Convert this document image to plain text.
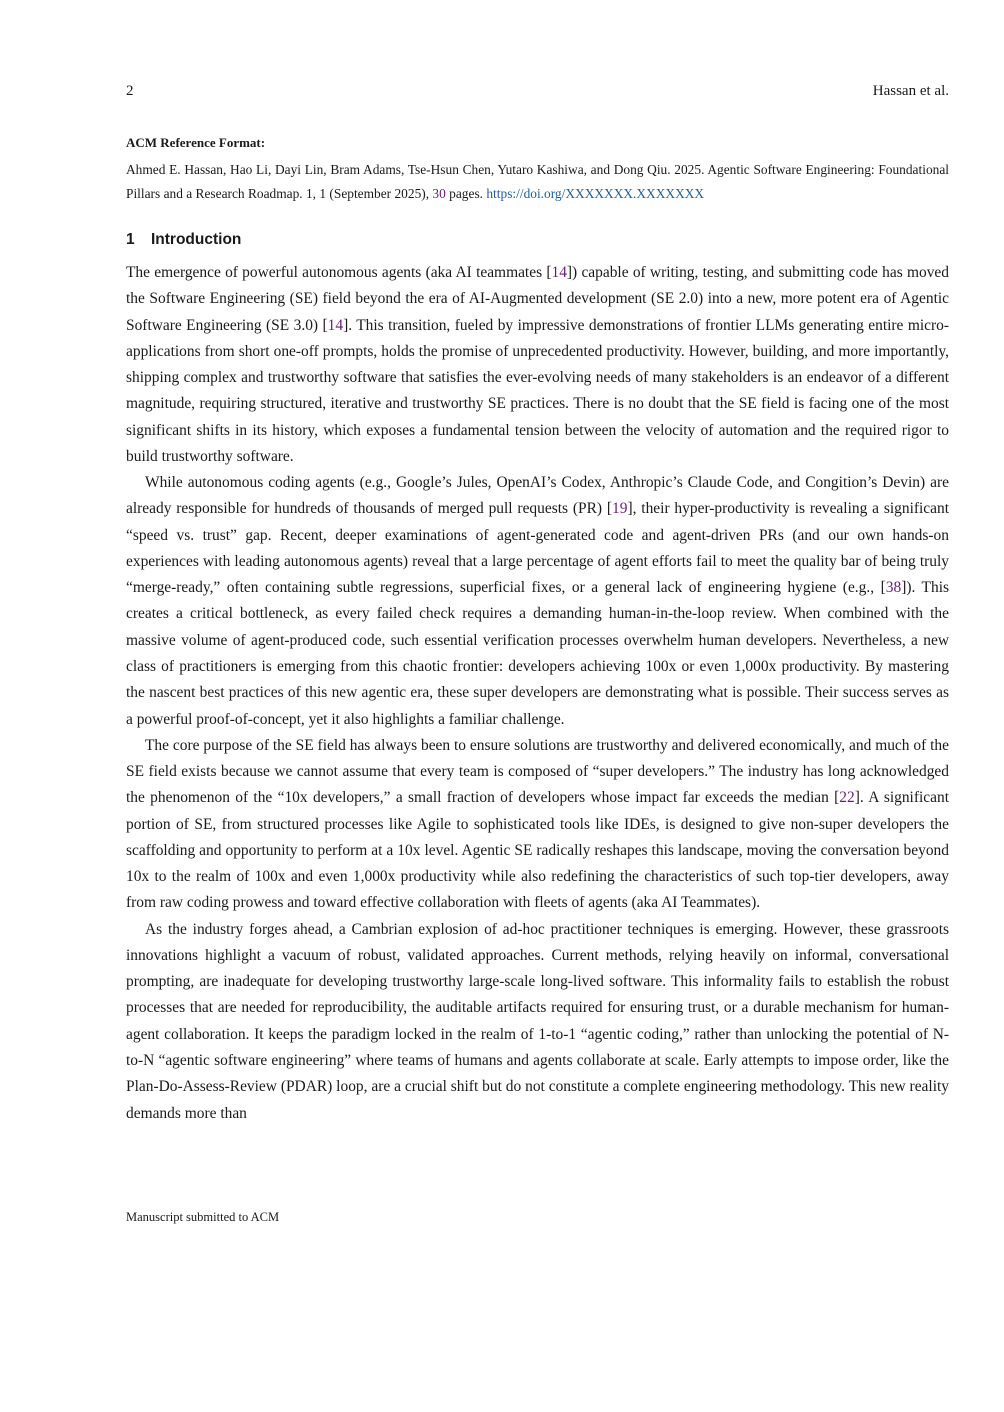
2	Hassan et al.

ACM Reference Format:

Ahmed E. Hassan, Hao Li, Dayi Lin, Bram Adams, Tse-Hsun Chen, Yutaro Kashiwa, and Dong Qiu. 2025. Agentic Software Engineering: Foundational Pillars and a Research Roadmap. 1, 1 (September 2025), 30 pages. https://doi.org/XXXXXXX.XXXXXXX

1 Introduction

The emergence of powerful autonomous agents (aka AI teammates [14]) capable of writing, testing, and submitting code has moved the Software Engineering (SE) field beyond the era of AI-Augmented development (SE 2.0) into a new, more potent era of Agentic Software Engineering (SE 3.0) [14]. This transition, fueled by impressive demonstrations of frontier LLMs generating entire micro-applications from short one-off prompts, holds the promise of unprecedented productivity. However, building, and more importantly, shipping complex and trustworthy software that satisfies the ever-evolving needs of many stakeholders is an endeavor of a different magnitude, requiring structured, iterative and trustworthy SE practices. There is no doubt that the SE field is facing one of the most significant shifts in its history, which exposes a fundamental tension between the velocity of automation and the required rigor to build trustworthy software.

While autonomous coding agents (e.g., Google’s Jules, OpenAI’s Codex, Anthropic’s Claude Code, and Congition’s Devin) are already responsible for hundreds of thousands of merged pull requests (PR) [19], their hyper-productivity is revealing a significant “speed vs. trust” gap. Recent, deeper examinations of agent-generated code and agent-driven PRs (and our own hands-on experiences with leading autonomous agents) reveal that a large percentage of agent efforts fail to meet the quality bar of being truly “merge-ready,” often containing subtle regressions, superficial fixes, or a general lack of engineering hygiene (e.g., [38]). This creates a critical bottleneck, as every failed check requires a demanding human-in-the-loop review. When combined with the massive volume of agent-produced code, such essential verification processes overwhelm human developers. Nevertheless, a new class of practitioners is emerging from this chaotic frontier: developers achieving 100x or even 1,000x productivity. By mastering the nascent best practices of this new agentic era, these super developers are demonstrating what is possible. Their success serves as a powerful proof-of-concept, yet it also highlights a familiar challenge.

The core purpose of the SE field has always been to ensure solutions are trustworthy and delivered economically, and much of the SE field exists because we cannot assume that every team is composed of “super developers.” The industry has long acknowledged the phenomenon of the “10x developers,” a small fraction of developers whose impact far exceeds the median [22]. A significant portion of SE, from structured processes like Agile to sophisticated tools like IDEs, is designed to give non-super developers the scaffolding and opportunity to perform at a 10x level. Agentic SE radically reshapes this landscape, moving the conversation beyond 10x to the realm of 100x and even 1,000x productivity while also redefining the characteristics of such top-tier developers, away from raw coding prowess and toward effective collaboration with fleets of agents (aka AI Teammates).

As the industry forges ahead, a Cambrian explosion of ad-hoc practitioner techniques is emerging. However, these grassroots innovations highlight a vacuum of robust, validated approaches. Current methods, relying heavily on informal, conversational prompting, are inadequate for developing trustworthy large-scale long-lived software. This informality fails to establish the robust processes that are needed for reproducibility, the auditable artifacts required for ensuring trust, or a durable mechanism for human-agent collaboration. It keeps the paradigm locked in the realm of 1-to-1 “agentic coding,” rather than unlocking the potential of N-to-N “agentic software engineering” where teams of humans and agents collaborate at scale. Early attempts to impose order, like the Plan-Do-Assess-Review (PDAR) loop, are a crucial shift but do not constitute a complete engineering methodology. This new reality demands more than

Manuscript submitted to ACM
